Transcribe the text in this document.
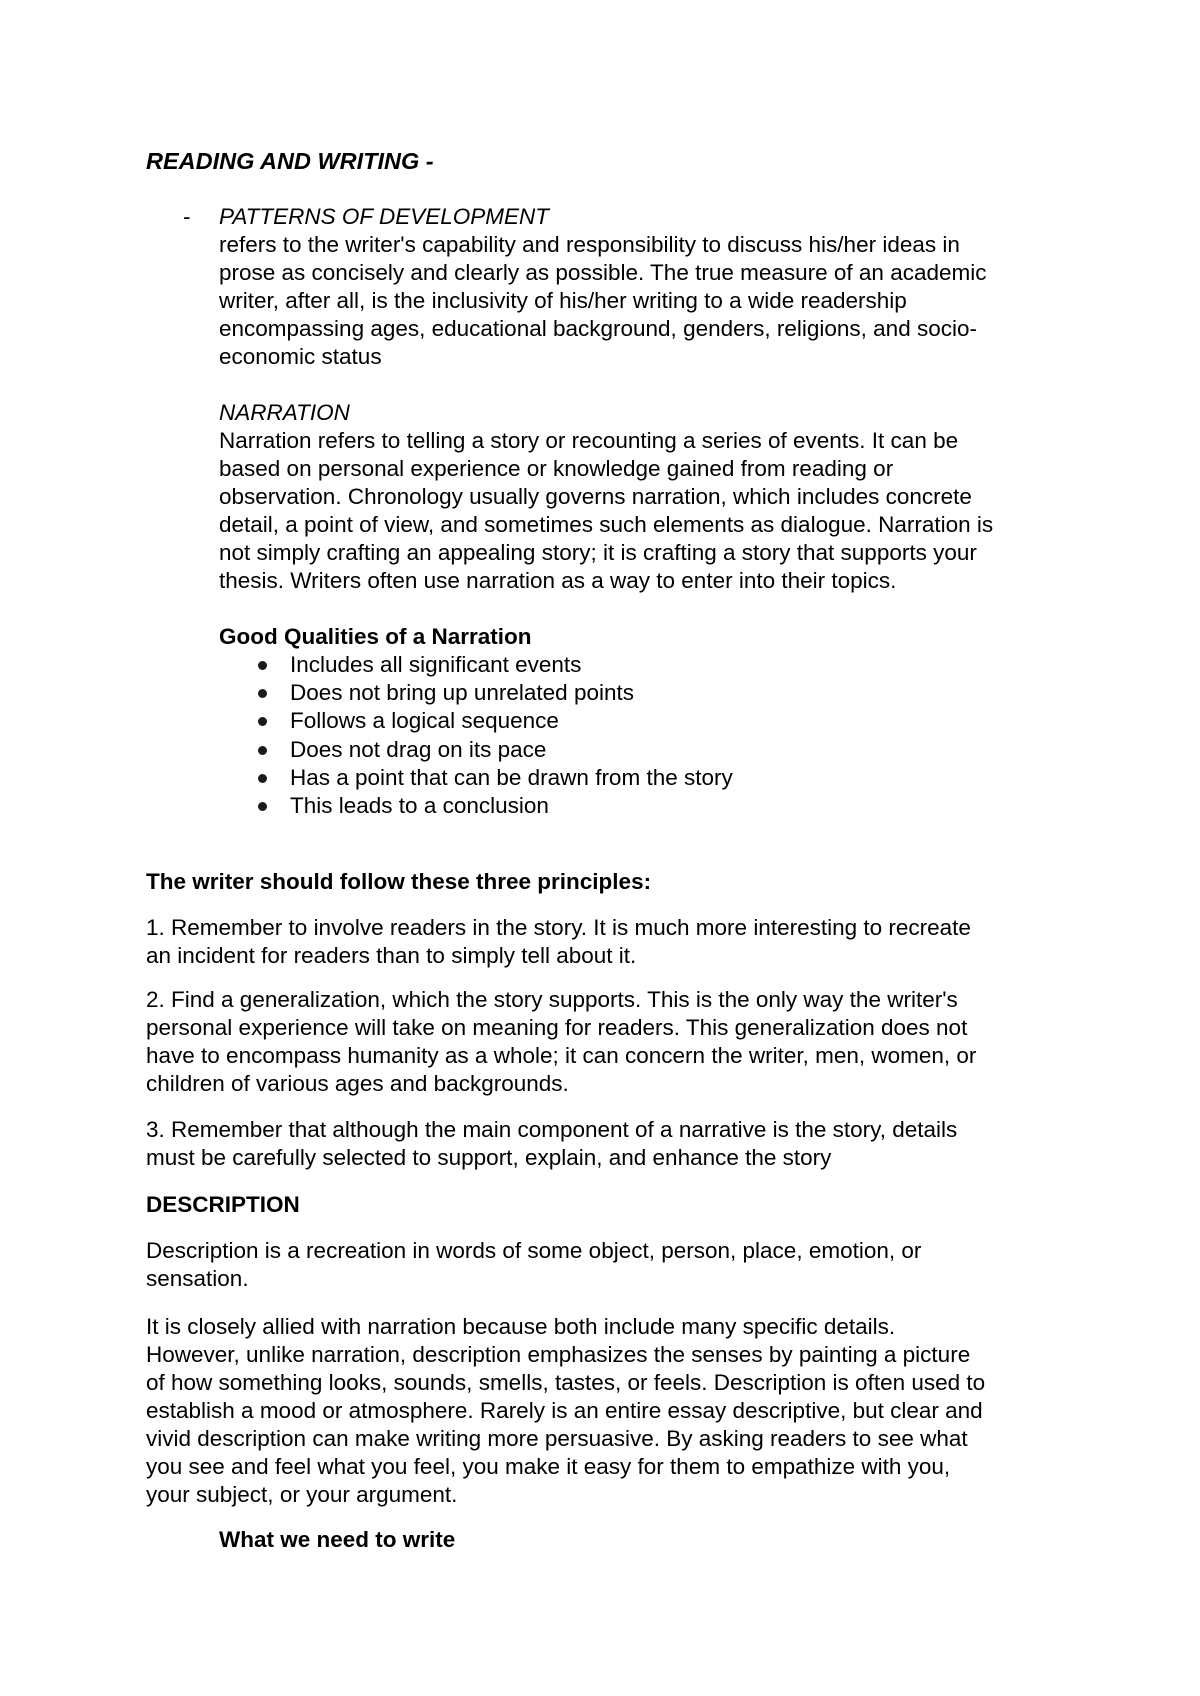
READING AND WRITING -
- PATTERNS OF DEVELOPMENT

refers to the writer's capability and responsibility to discuss his/her ideas in

prose as concisely and clearly as possible. The true measure of an academic

writer, after all, is the inclusivity of his/her writing to a wide readership

encompassing ages, educational background, genders, religions, and socio-

economic status

NARRATION

Narration refers to telling a story or recounting a series of events. It can be

based on personal experience or knowledge gained from reading or

observation. Chronology usually governs narration, which includes concrete

detail, a point of view, and sometimes such elements as dialogue. Narration is

not simply crafting an appealing story; it is crafting a story that supports your

thesis. Writers often use narration as a way to enter into their topics.

Good Qualities of a Narration
Includes all significant events
Does not bring up unrelated points
Follows a logical sequence
Does not drag on its pace
Has a point that can be drawn from the story
This leads to a conclusion
The writer should follow these three principles:

1. Remember to involve readers in the story. It is much more interesting to recreate

an incident for readers than to simply tell about it.

2. Find a generalization, which the story supports. This is the only way the writer's

personal experience will take on meaning for readers. This generalization does not

have to encompass humanity as a whole; it can concern the writer, men, women, or

children of various ages and backgrounds.

3. Remember that although the main component of a narrative is the story, details

must be carefully selected to support, explain, and enhance the story

DESCRIPTION

Description is a recreation in words of some object, person, place, emotion, or

sensation.

It is closely allied with narration because both include many specific details.

However, unlike narration, description emphasizes the senses by painting a picture

of how something looks, sounds, smells, tastes, or feels. Description is often used to

establish a mood or atmosphere. Rarely is an entire essay descriptive, but clear and

vivid description can make writing more persuasive. By asking readers to see what

you see and feel what you feel, you make it easy for them to empathize with you,

your subject, or your argument.

What we need to write
